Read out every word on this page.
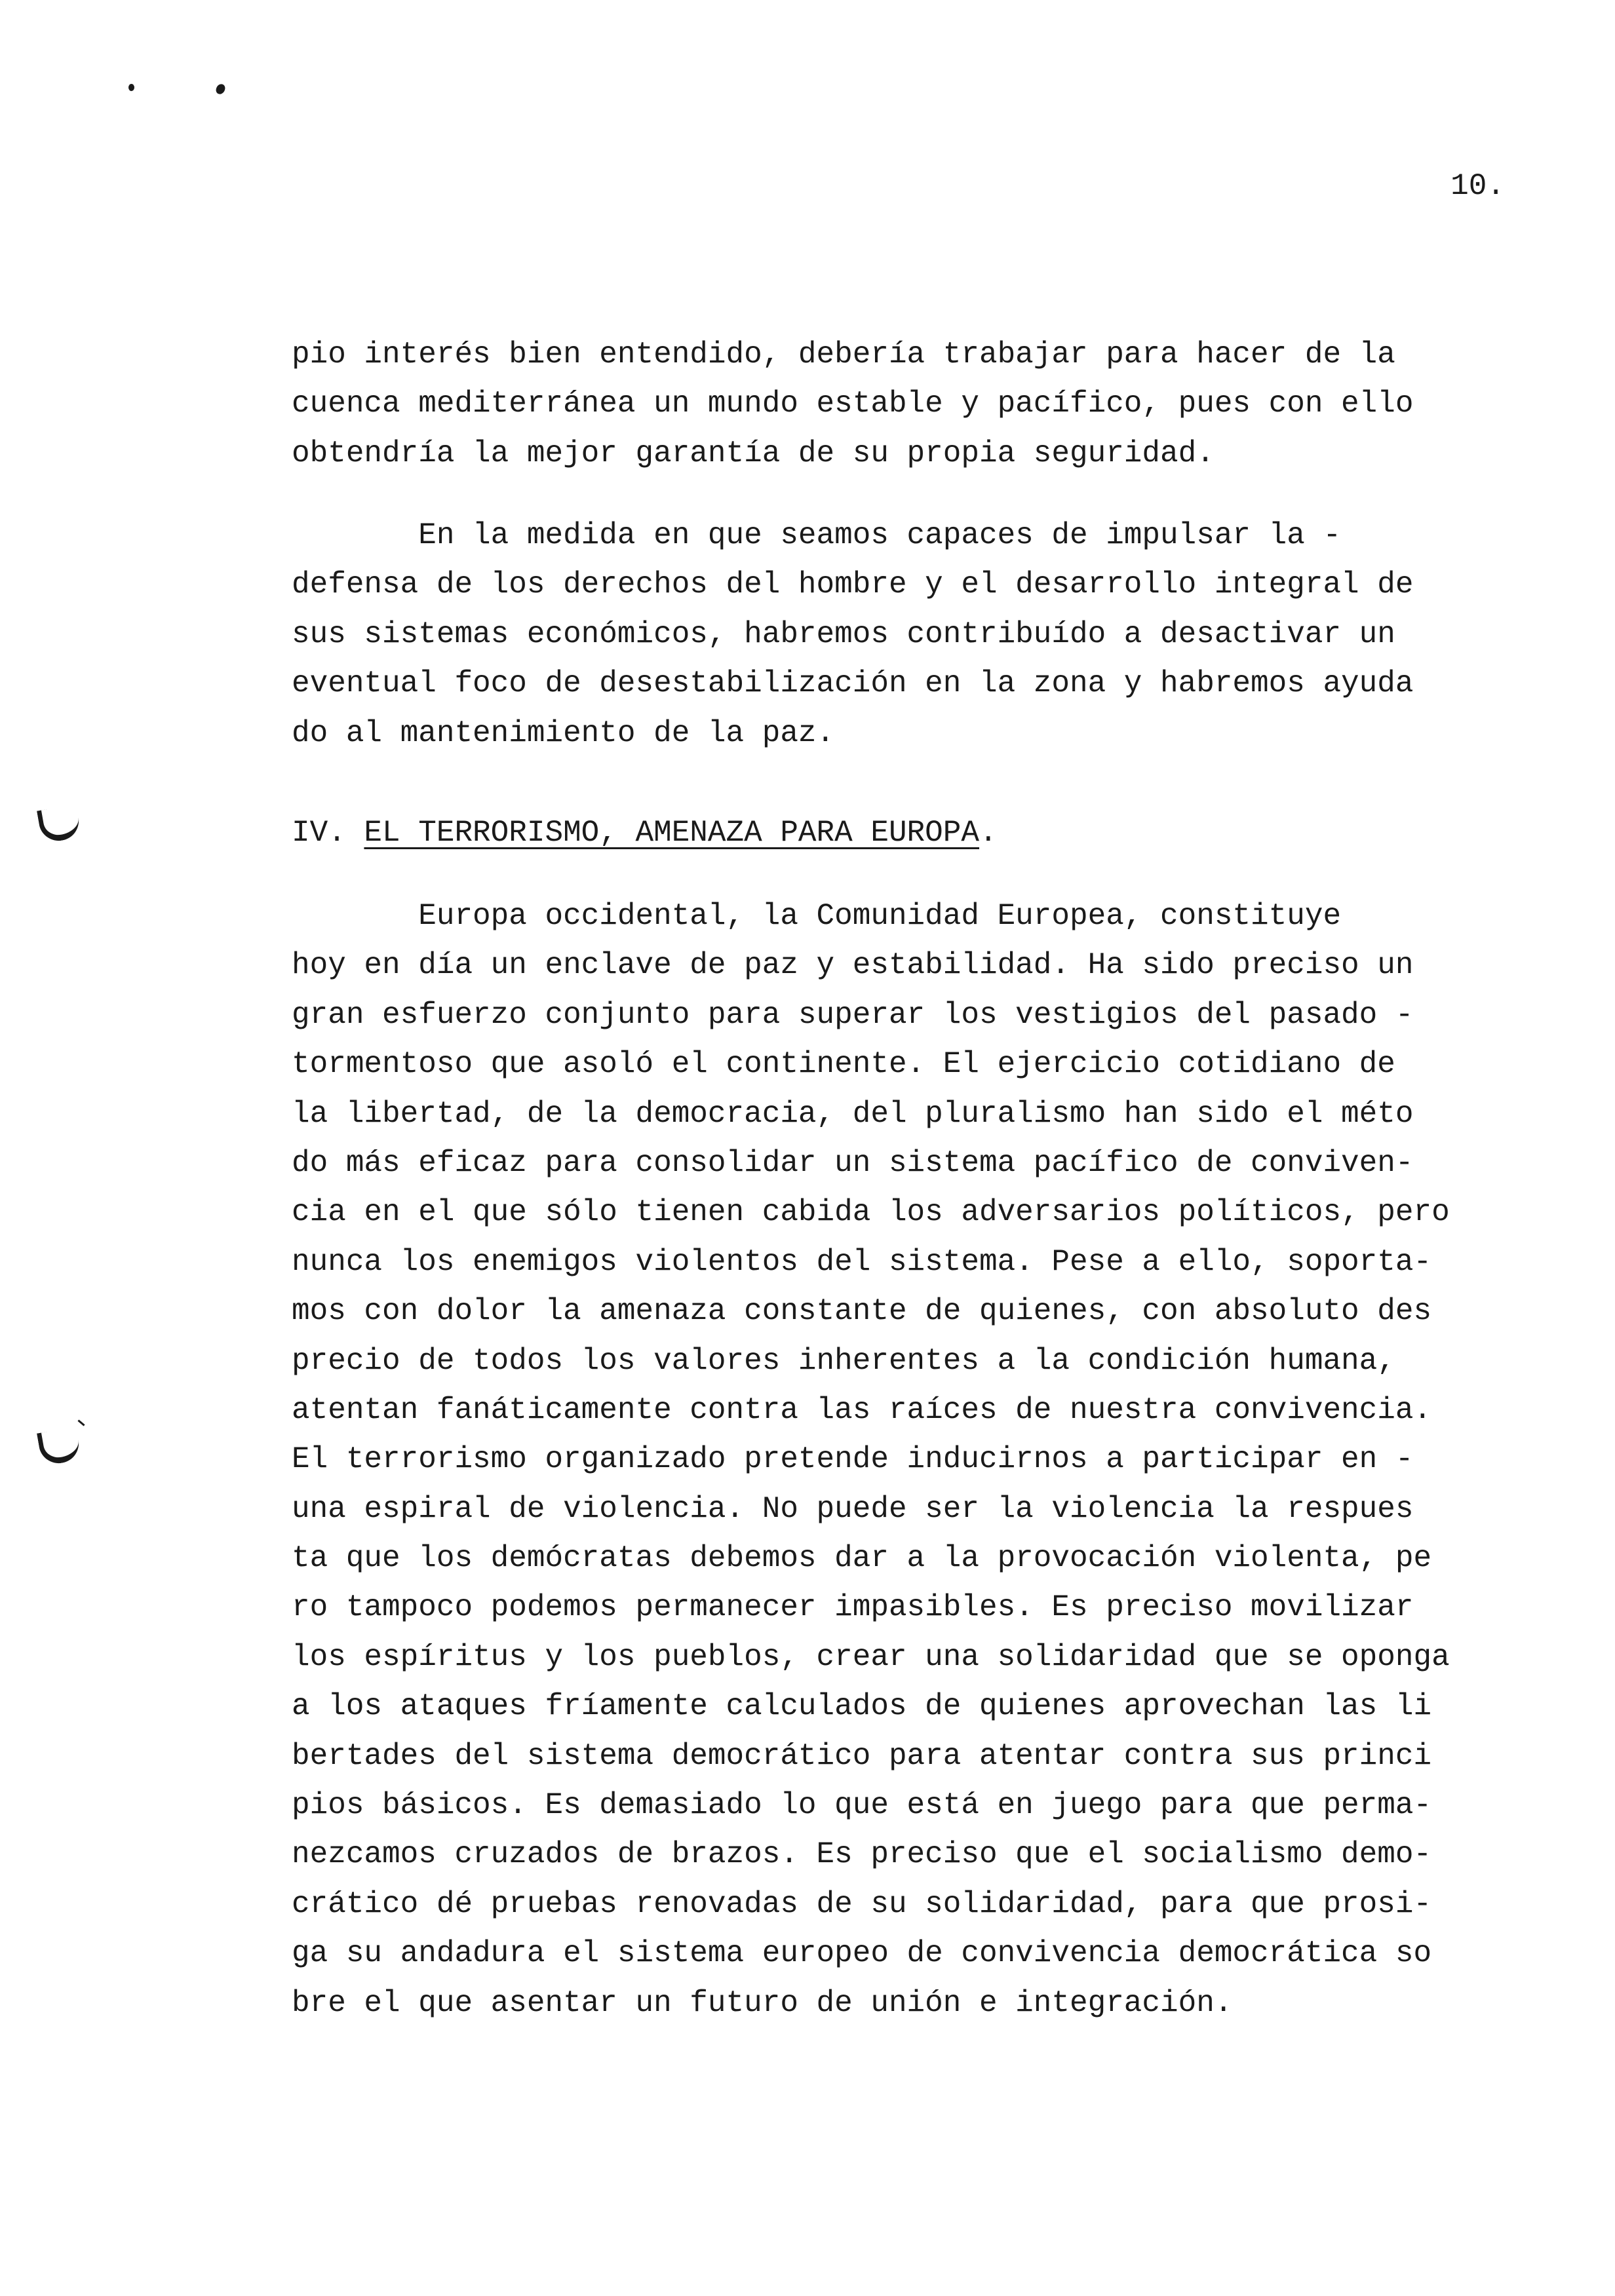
10.
pio interés bien entendido, debería trabajar para hacer de la
cuenca mediterránea un mundo estable y pacífico, pues con ello
obtendría la mejor garantía de su propia seguridad.
En la medida en que seamos capaces de impulsar la -
defensa de los derechos del hombre y el desarrollo integral de
sus sistemas económicos, habremos contribuído a desactivar un
eventual foco de desestabilización en la zona y habremos ayuda
do al mantenimiento de la paz.
IV. EL TERRORISMO, AMENAZA PARA EUROPA.
Europa occidental, la Comunidad Europea, constituye
hoy en día un enclave de paz y estabilidad. Ha sido preciso un
gran esfuerzo conjunto para superar los vestigios del pasado -
tormentoso que asoló el continente. El ejercicio cotidiano de
la libertad, de la democracia, del pluralismo han sido el méto
do más eficaz para consolidar un sistema pacífico de conviven-
cia en el que sólo tienen cabida los adversarios políticos, pero
nunca los enemigos violentos del sistema. Pese a ello, soporta-
mos con dolor la amenaza constante de quienes, con absoluto des
precio de todos los valores inherentes a la condición humana,
atentan fanáticamente contra las raíces de nuestra convivencia.
El terrorismo organizado pretende inducirnos a participar en -
una espiral de violencia. No puede ser la violencia la respues
ta que los demócratas debemos dar a la provocación violenta, pe
ro tampoco podemos permanecer impasibles. Es preciso movilizar
los espíritus y los pueblos, crear una solidaridad que se oponga
a los ataques fríamente calculados de quienes aprovechan las li
bertades del sistema democrático para atentar contra sus princi
pios básicos. Es demasiado lo que está en juego para que perma-
nezcamos cruzados de brazos. Es preciso que el socialismo demo-
crático dé pruebas renovadas de su solidaridad, para que prosi-
ga su andadura el sistema europeo de convivencia democrática so
bre el que asentar un futuro de unión e integración.
